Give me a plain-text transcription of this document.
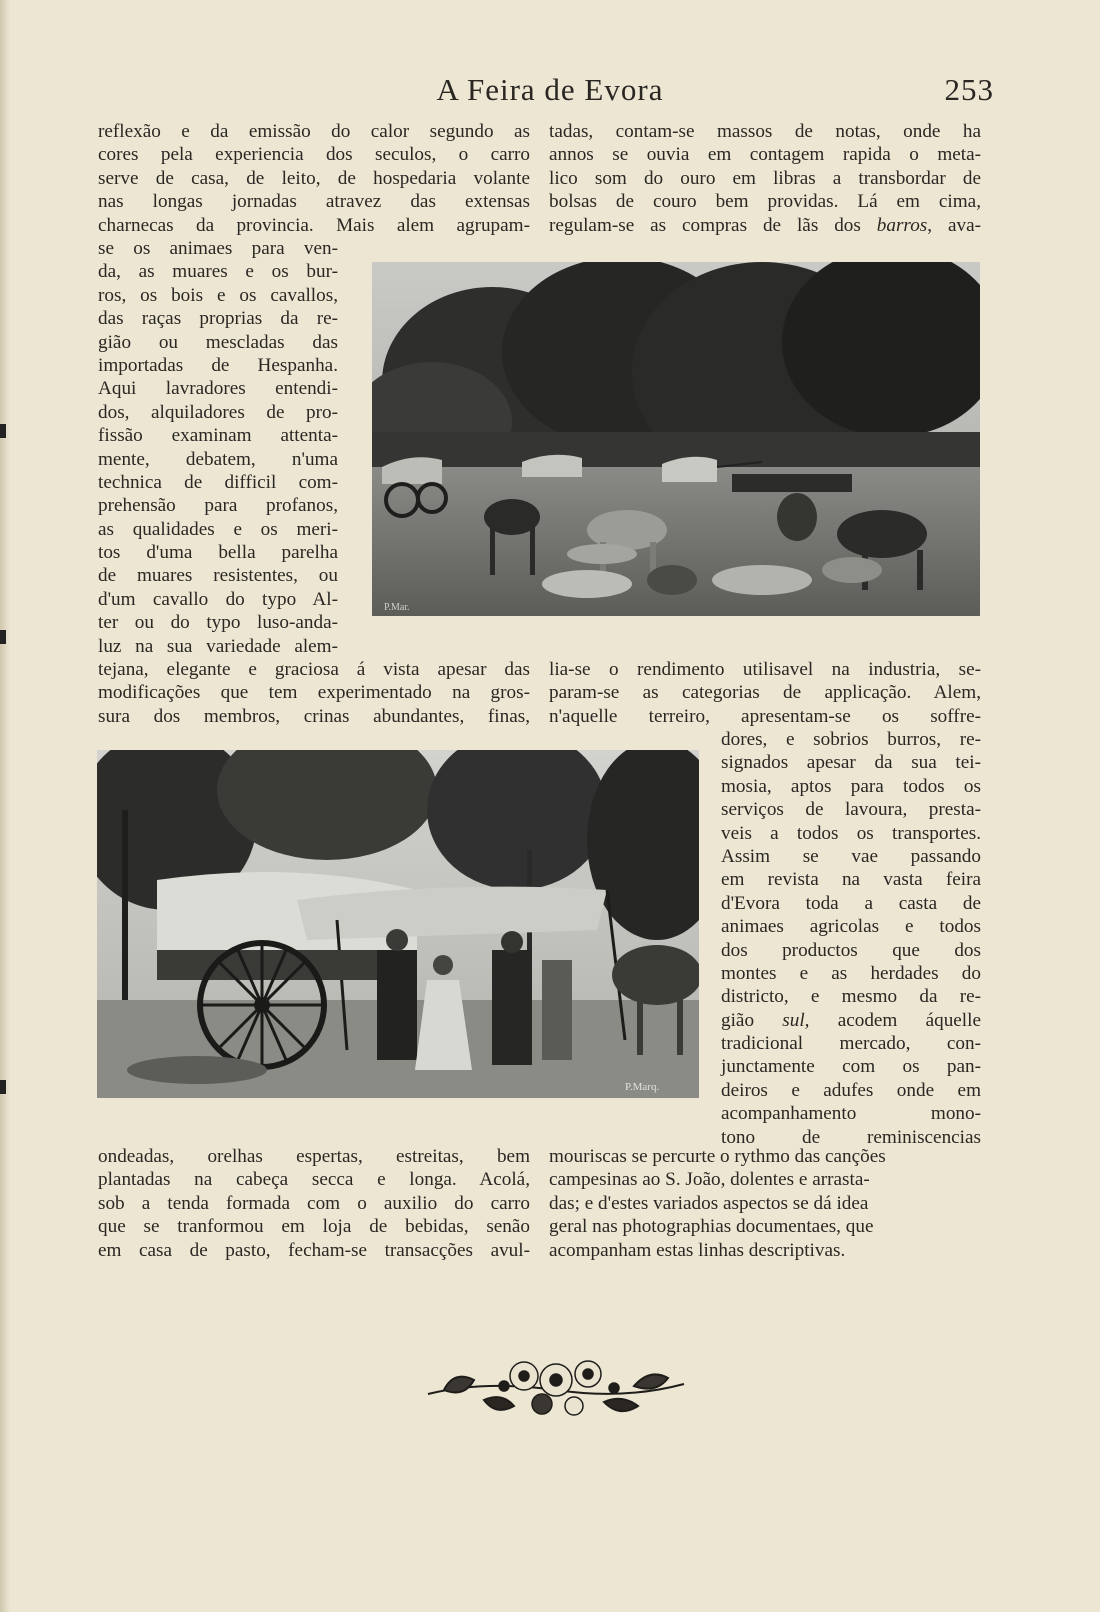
A Feira de Evora	253
reflexão e da emissão do calor segundo as
cores pela experiencia dos seculos, o carro
serve de casa, de leito, de hospedaria volante
nas longas jornadas atravez das extensas
charnecas da provincia. Mais alem agrupam-
se os animaes para ven-
da, as muares e os bur-
ros, os bois e os cavallos,
das raças proprias da re-
gião ou mescladas das
importadas de Hespanha.
Aqui lavradores entendi-
dos, alquiladores de pro-
fissão examinam attenta-
mente, debatem, n'uma
technica de difficil com-
prehensão para profanos,
as qualidades e os meri-
tos d'uma bella parelha
de muares resistentes, ou
d'um cavallo do typo Al-
ter ou do typo luso-anda-
luz na sua variedade alem-
tejana, elegante e graciosa á vista apesar das
modificações que tem experimentado na gros-
sura dos membros, crinas abundantes, finas,
ondeadas, orelhas espertas, estreitas, bem
plantadas na cabeça secca e longa. Acolá,
sob a tenda formada com o auxilio do carro
que se tranformou em loja de bebidas, senão
em casa de pasto, fecham-se transacções avul-
tadas, contam-se massos de notas, onde ha
annos se ouvia em contagem rapida o meta-
lico som do ouro em libras a transbordar de
bolsas de couro bem providas. Lá em cima,
regulam-se as compras de lãs dos barros, ava-
lia-se o rendimento utilisavel na industria, se-
param-se as categorias de applicação. Alem,
n'aquelle terreiro, apresentam-se os soffre-
dores, e sobrios burros, re-
signados apesar da sua tei-
mosia, aptos para todos os
serviços de lavoura, presta-
veis a todos os transportes.
Assim se vae passando
em revista na vasta feira
d'Evora toda a casta de
animaes agricolas e todos
dos productos que dos
montes e as herdades do
districto, e mesmo da re-
gião sul, acodem áquelle
tradicional mercado, con-
junctamente com os pan-
deiros e adufes onde em
acompanhamento mono-
tono de reminiscencias
mouriscas se percurte o rythmo das canções
campesinas ao S. João, dolentes e arrasta-
das; e d'estes variados aspectos se dá idea
geral nas photographias documentaes, que
acompanham estas linhas descriptivas.
P.Mar.
P.Marq.
